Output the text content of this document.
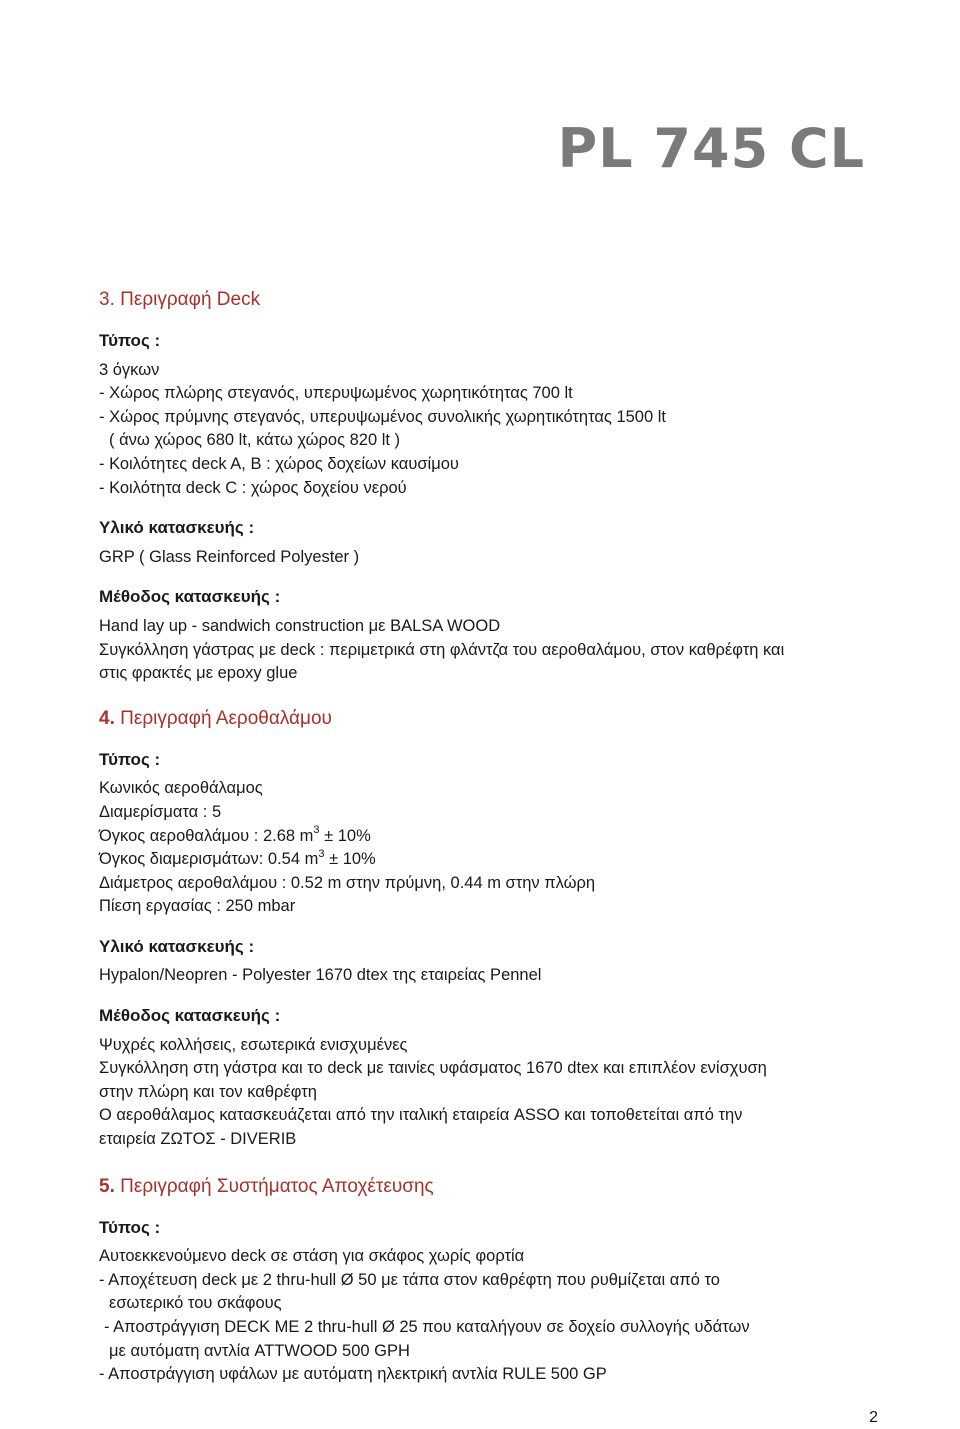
PL 745 CL
3. Περιγραφή Deck
Τύπος :
3 όγκων
- Χώρος πλώρης στεγανός, υπερυψωμένος χωρητικότητας 700 lt
- Χώρος πρύμνης στεγανός, υπερυψωμένος συνολικής χωρητικότητας 1500 lt
( άνω χώρος 680 lt, κάτω χώρος 820 lt )
- Κοιλότητες deck A, B : χώρος δοχείων καυσίμου
- Κοιλότητα deck C : χώρος δοχείου νερού
Υλικό κατασκευής :
GRP ( Glass Reinforced Polyester )
Μέθοδος κατασκευής :
Hand lay up - sandwich construction με BALSA WOOD
Συγκόλληση γάστρας με deck : περιμετρικά στη φλάντζα του αεροθαλάμου, στον καθρέφτη και
στις φρακτές με epoxy glue
4. Περιγραφή Αεροθαλάμου
Τύπος :
Κωνικός αεροθάλαμος
Διαμερίσματα : 5
Όγκος αεροθαλάμου : 2.68 $m^3 \pm 10\%$
Όγκος διαμερισμάτων: 0.54 $m^3 \pm 10\%$
Διάμετρος αεροθαλάμου : 0.52 m στην πρύμνη, 0.44 m στην πλώρη
Πίεση εργασίας : 250 mbar
Υλικό κατασκευής :
Hypalon/Neopren - Polyester 1670 dtex της εταιρείας Pennel
Μέθοδος κατασκευής :
Ψυχρές κολλήσεις, εσωτερικά ενισχυμένες
Συγκόλληση στη γάστρα και το deck με ταινίες υφάσματος 1670 dtex και επιπλέον ενίσχυση
στην πλώρη και τον καθρέφτη
Ο αεροθάλαμος κατασκευάζεται από την ιταλική εταιρεία ASSO και τοποθετείται από την
εταιρεία ΖΩΤΟΣ - DIVERIB
5. Περιγραφή Συστήματος Αποχέτευσης
Τύπος :
Αυτοεκκενούμενο deck σε στάση για σκάφος χωρίς φορτία
- Αποχέτευση deck με 2 thru-hull Ø 50 με τάπα στον καθρέφτη που ρυθμίζεται από το
εσωτερικό του σκάφους
- Αποστράγγιση DECK ME 2 thru-hull Ø 25 που καταλήγουν σε δοχείο συλλογής υδάτων
με αυτόματη αντλία ATTWOOD 500 GPH
- Αποστράγγιση υφάλων με αυτόματη ηλεκτρική αντλία RULE 500 GP
2
